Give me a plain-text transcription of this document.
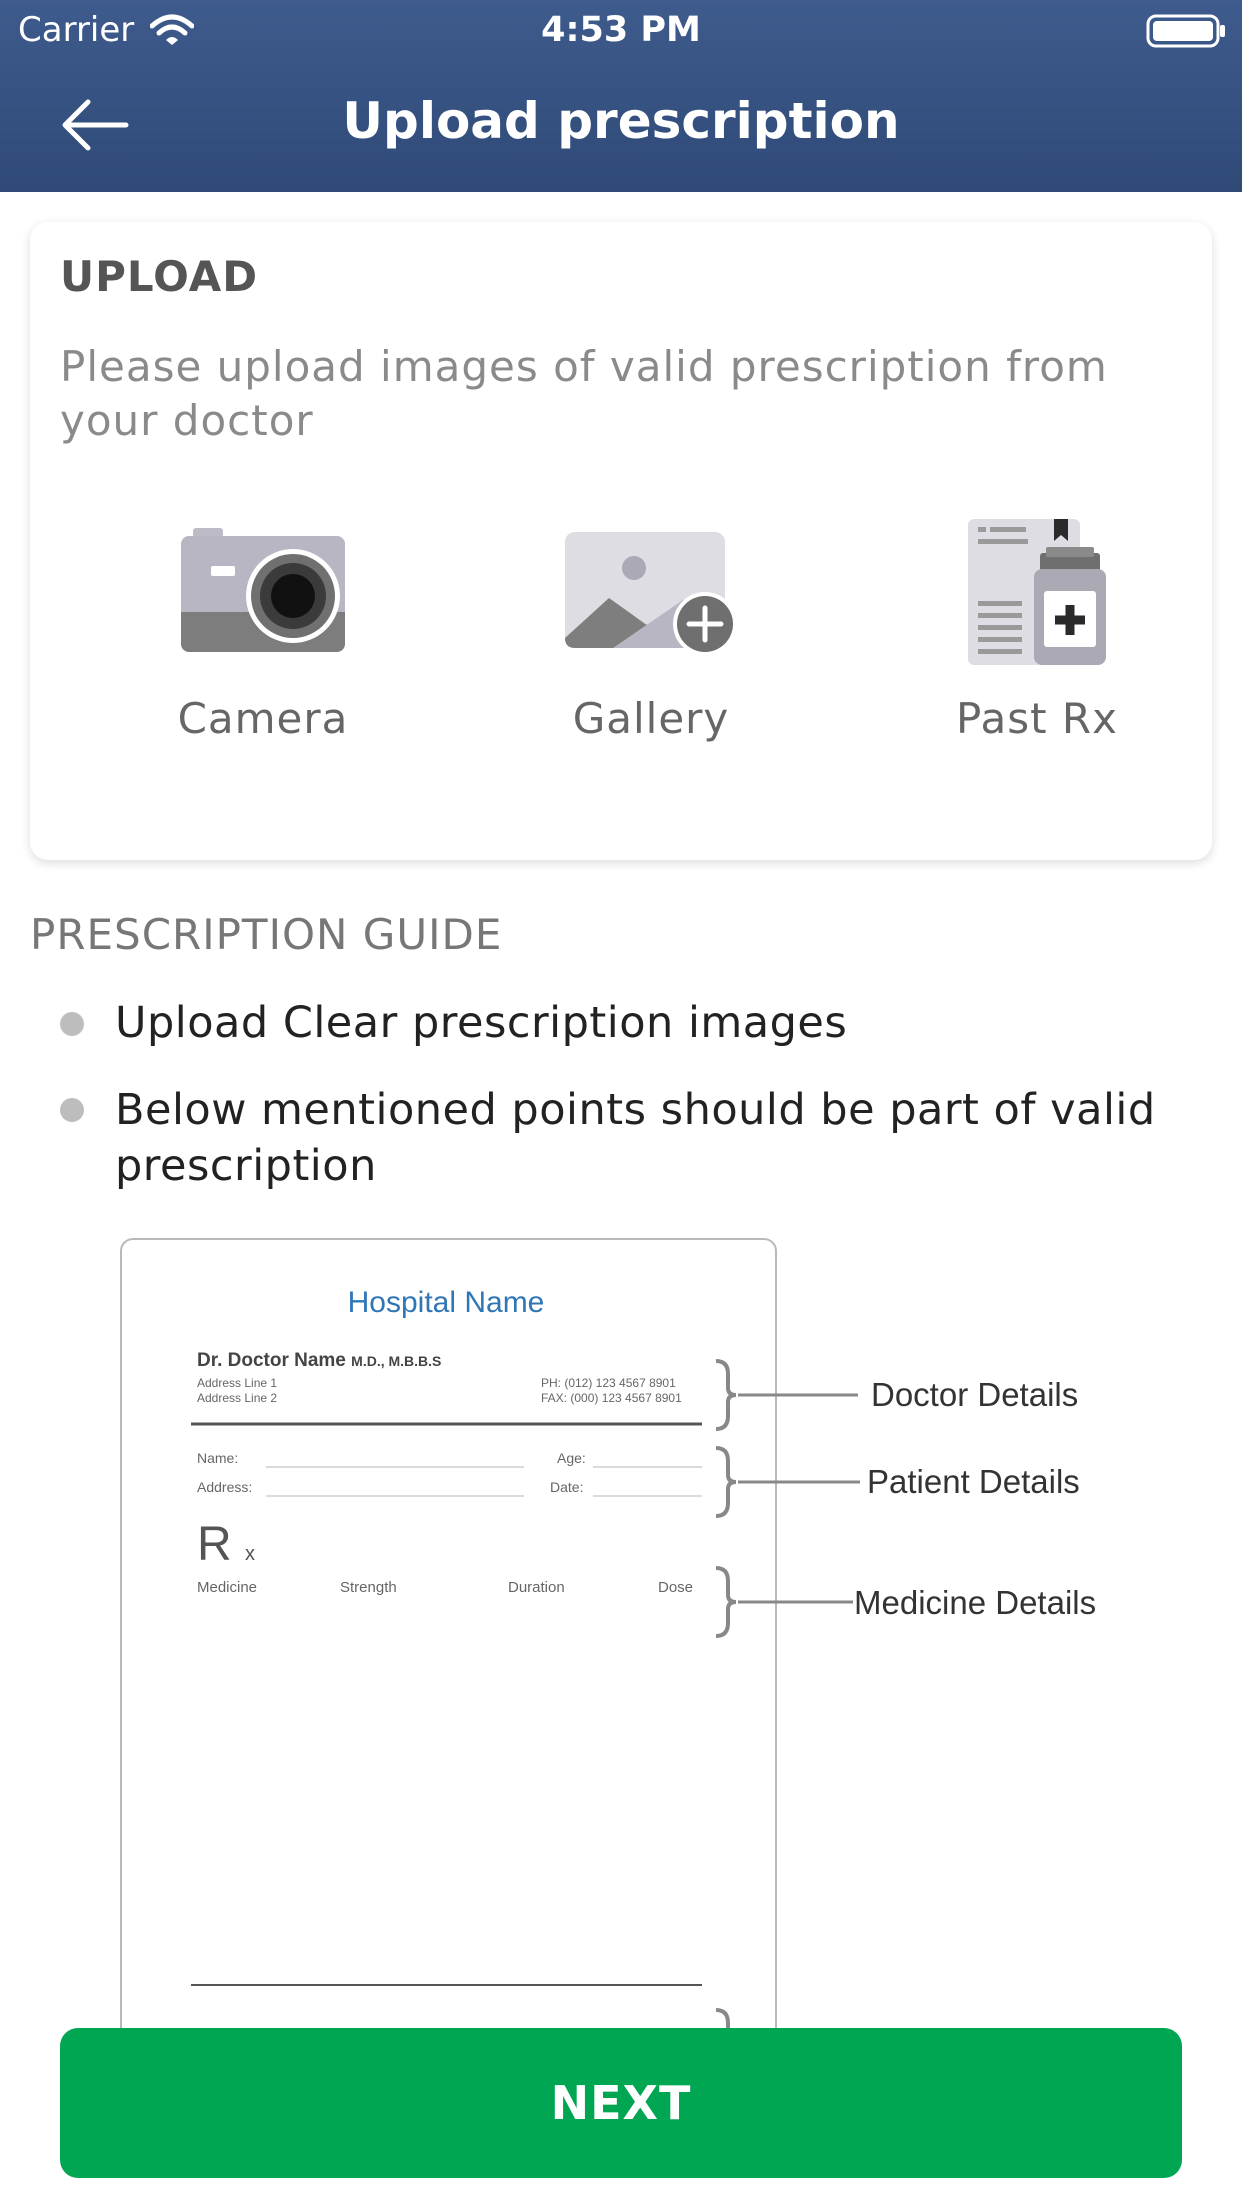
Carrier	4:53 PM
Upload prescription
UPLOAD
Please upload images of valid prescription from your doctor
Camera	Gallery	Past Rx
PRESCRIPTION GUIDE
Upload Clear prescription images
Below mentioned points should be part of valid prescription
Hospital Name
Dr. Doctor Name M.D., M.B.B.S
Address Line 1
Address Line 2
PH: (012) 123 4567 8901
FAX: (000) 123 4567 8901
Name:	Age:
Address:	Date:
R x
Medicine	Strength	Duration	Dose
Doctor Details
Patient Details
Medicine Details
NEXT
